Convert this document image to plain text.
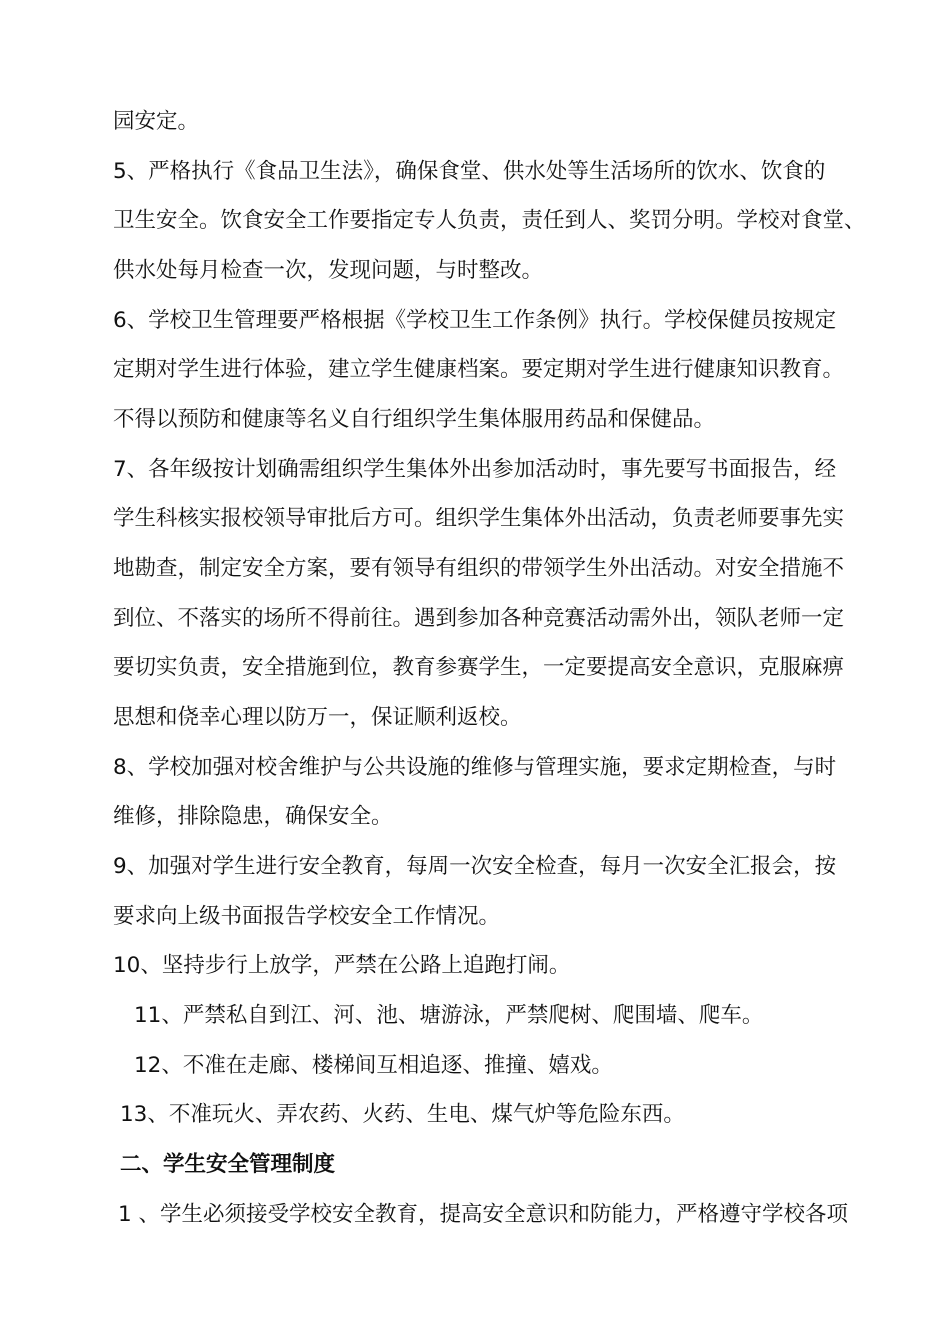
园安定。
5、严格执行《食品卫生法》，确保食堂、供水处等生活场所的饮水、饮食的
卫生安全。饮食安全工作要指定专人负责，责任到人、奖罚分明。学校对食堂、
供水处每月检查一次，发现问题，与时整改。
6、学校卫生管理要严格根据《学校卫生工作条例》执行。学校保健员按规定
定期对学生进行体验，建立学生健康档案。要定期对学生进行健康知识教育。
不得以预防和健康等名义自行组织学生集体服用药品和保健品。
7、各年级按计划确需组织学生集体外出参加活动时，事先要写书面报告，经
学生科核实报校领导审批后方可。组织学生集体外出活动，负责老师要事先实
地勘查，制定安全方案，要有领导有组织的带领学生外出活动。对安全措施不
到位、不落实的场所不得前往。遇到参加各种竞赛活动需外出，领队老师一定
要切实负责，安全措施到位，教育参赛学生，一定要提高安全意识，克服麻痹
思想和侥幸心理以防万一，保证顺利返校。
8、学校加强对校舍维护与公共设施的维修与管理实施，要求定期检查，与时
维修，排除隐患，确保安全。
9、加强对学生进行安全教育，每周一次安全检查，每月一次安全汇报会，按
要求向上级书面报告学校安全工作情况。
10、坚持步行上放学，严禁在公路上追跑打闹。
11、严禁私自到江、河、池、塘游泳，严禁爬树、爬围墙、爬车。
12、不准在走廊、楼梯间互相追逐、推撞、嬉戏。
13、不准玩火、弄农药、火药、生电、煤气炉等危险东西。
二、学生安全管理制度
1 、学生必须接受学校安全教育，提高安全意识和防能力，严格遵守学校各项
